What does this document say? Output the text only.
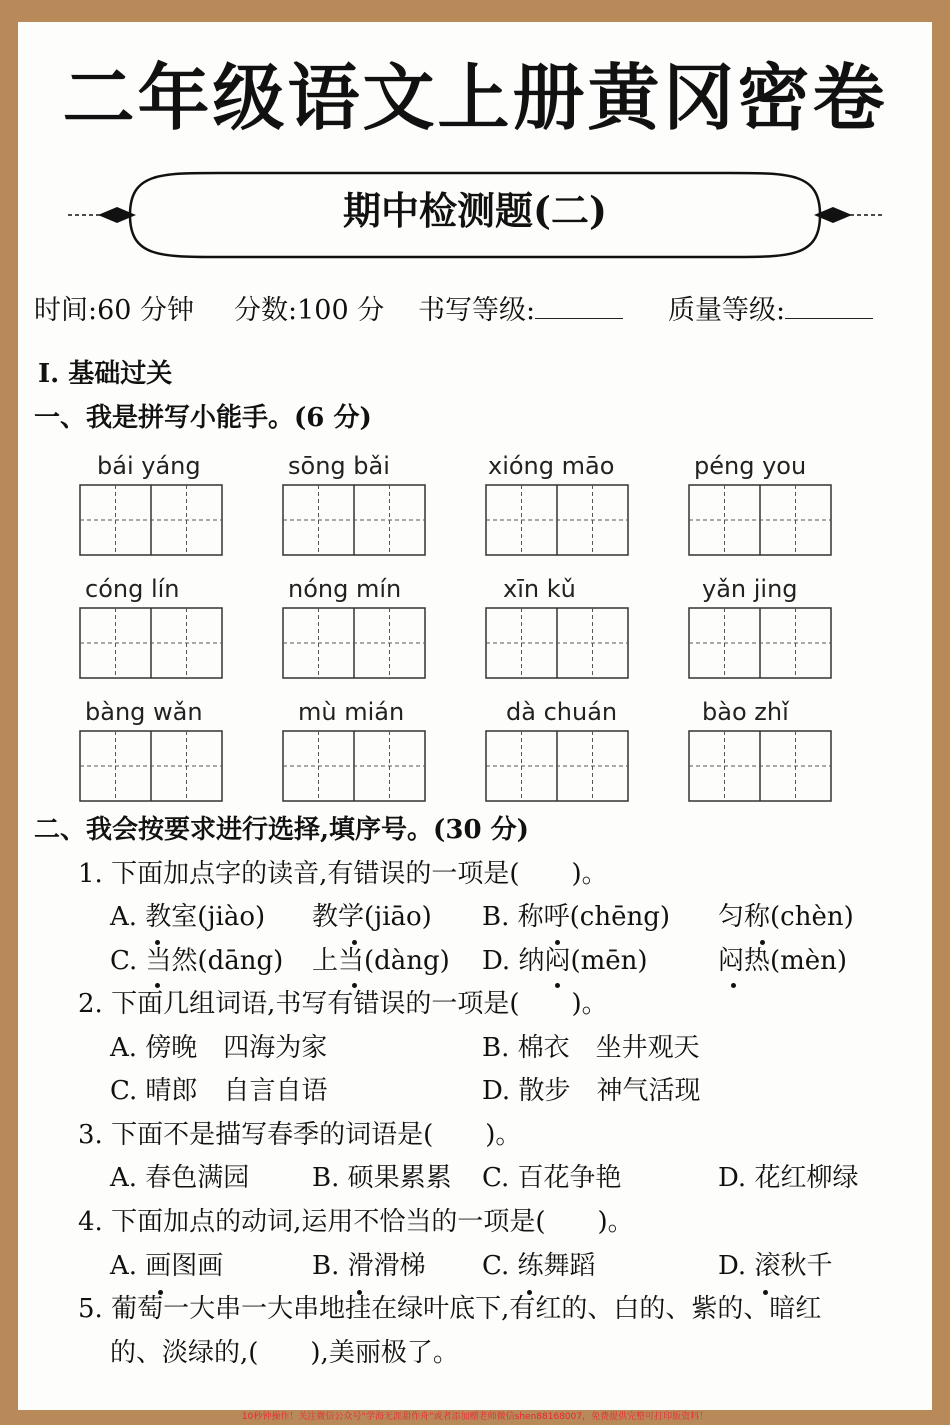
二年级语文上册黄冈密卷
期中检测题(二)
时间:60 分钟 分数:100 分 书写等级:	质量等级:
Ⅰ. 基础过关
一、我是拼写小能手。(6 分)
bái yáng	sōng bǎi	xióng māo	péng you
cóng lín	nóng mín	xīn kǔ	yǎn jing
bàng wǎn	mù mián	dà chuán	bào zhǐ
二、我会按要求进行选择,填序号。(30 分)
1. 下面加点字的读音,有错误的一项是(　　)。
A. 教室(jiào) 教学(jiāo) B. 称呼(chēng) 匀称(chèn)
C. 当然(dāng) 上当(dàng) D. 纳闷(mēn)	闷热(mèn)
2. 下面几组词语,书写有错误的一项是(　　)。
A. 傍晚　四海为家	B. 棉衣　坐井观天
C. 晴郎　自言自语	D. 散步　神气活现
3. 下面不是描写春季的词语是(　　)。
A. 春色满园 B. 硕果累累 C. 百花争艳	D. 花红柳绿
4. 下面加点的动词,运用不恰当的一项是(　　)。
A. 画图画	B. 滑滑梯 C. 练舞蹈	D. 滚秋千
5. 葡萄一大串一大串地挂在绿叶底下,有红的、白的、紫的、暗红
的、淡绿的,(　　),美丽极了。
10秒钟操作！关注微信公众号“学海无涯甜作舟”或者添加赠老师微信shen88168007，免费提供完整可打印版资料！
